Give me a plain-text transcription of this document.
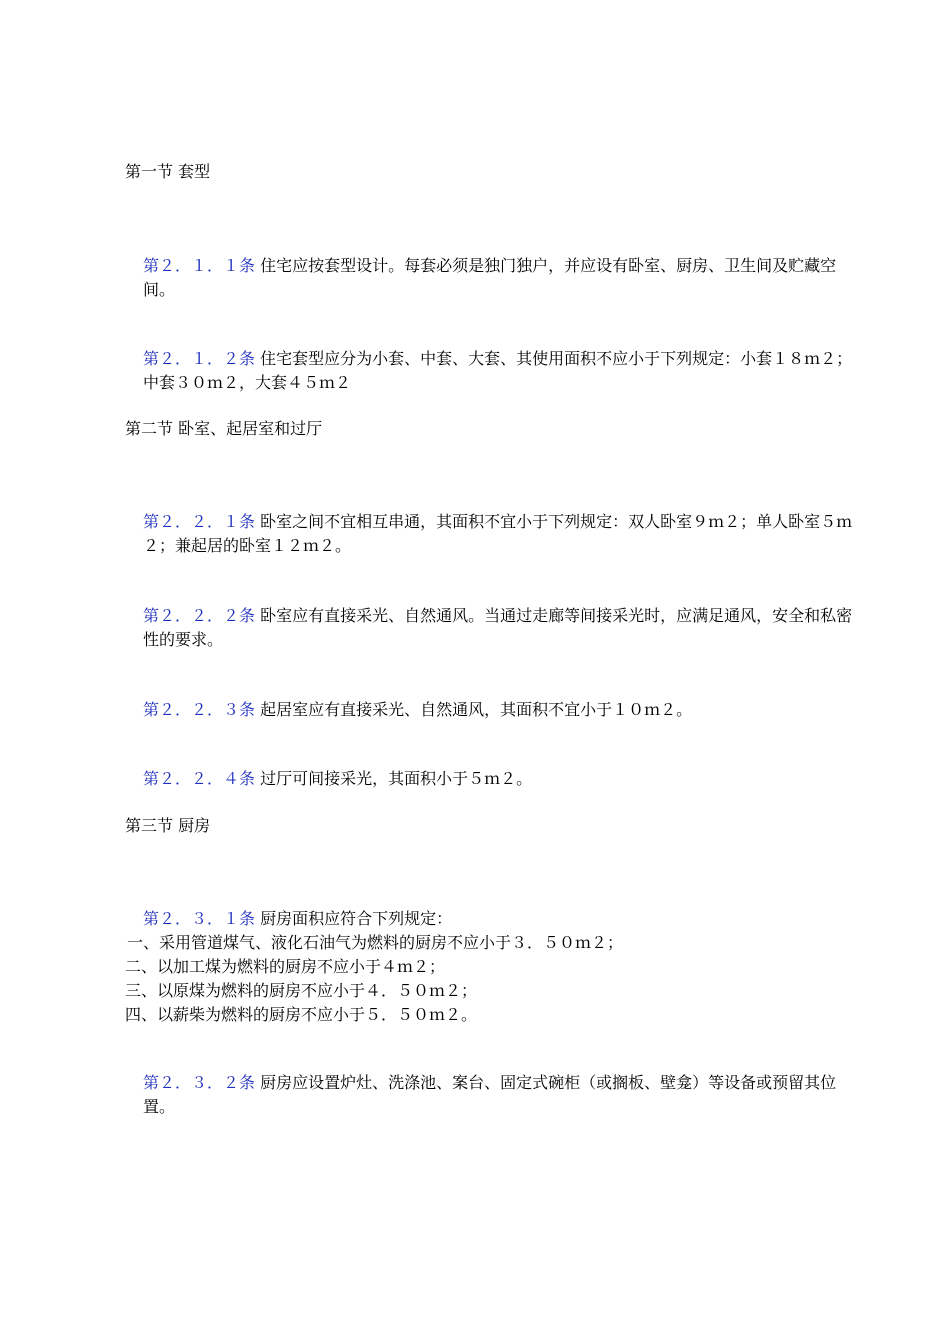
第一节 套型

第２．１．１条 住宅应按套型设计。每套必须是独门独户，并应设有卧室、厨房、卫生间及贮藏空间。

第２．１．２条 住宅套型应分为小套、中套、大套、其使用面积不应小于下列规定：小套１８ｍ２；中套３０ｍ２，大套４５ｍ２

第二节 卧室、起居室和过厅

第２．２．１条 卧室之间不宜相互串通，其面积不宜小于下列规定：双人卧室９ｍ２；单人卧室５ｍ２；兼起居的卧室１２ｍ２。

第２．２．２条 卧室应有直接采光、自然通风。当通过走廊等间接采光时，应满足通风，安全和私密性的要求。

第２．２．３条 起居室应有直接采光、自然通风，其面积不宜小于１０ｍ２。

第２．２．４条 过厅可间接采光，其面积小于５ｍ２。

第三节 厨房

第２．３．１条 厨房面积应符合下列规定：
一、采用管道煤气、液化石油气为燃料的厨房不应小于３．５０ｍ２；
二、以加工煤为燃料的厨房不应小于４ｍ２；
三、以原煤为燃料的厨房不应小于４．５０ｍ２；
四、以薪柴为燃料的厨房不应小于５．５０ｍ２。

第２．３．２条 厨房应设置炉灶、洗涤池、案台、固定式碗柜（或搁板、壁龛）等设备或预留其位置。
